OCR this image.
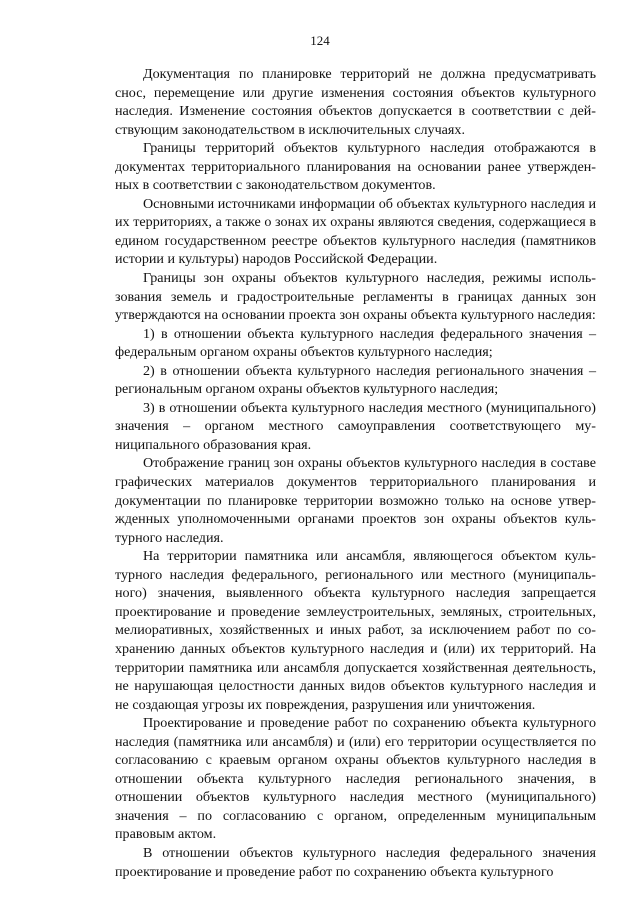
124

Документация по планировке территорий не должна предусматривать снос, перемещение или другие изменения состояния объектов культурного наследия. Изменение состояния объектов допускается в соответствии с действующим законодательством в исключительных случаях.

Границы территорий объектов культурного наследия отображаются в документах территориального планирования на основании ранее утвержденных в соответствии с законодательством документов.

Основными источниками информации об объектах культурного наследия и их территориях, а также о зонах их охраны являются сведения, содержащиеся в едином государственном реестре объектов культурного наследия (памятников истории и культуры) народов Российской Федерации.

Границы зон охраны объектов культурного наследия, режимы использования земель и градостроительные регламенты в границах данных зон утверждаются на основании проекта зон охраны объекта культурного наследия:

1) в отношении объекта культурного наследия федерального значения – федеральным органом охраны объектов культурного наследия;

2) в отношении объекта культурного наследия регионального значения – региональным органом охраны объектов культурного наследия;

3) в отношении объекта культурного наследия местного (муниципального) значения – органом местного самоуправления соответствующего муниципального образования края.

Отображение границ зон охраны объектов культурного наследия в составе графических материалов документов территориального планирования и документации по планировке территории возможно только на основе утвержденных уполномоченными органами проектов зон охраны объектов культурного наследия.

На территории памятника или ансамбля, являющегося объектом культурного наследия федерального, регионального или местного (муниципального) значения, выявленного объекта культурного наследия запрещается проектирование и проведение землеустроительных, земляных, строительных, мелиоративных, хозяйственных и иных работ, за исключением работ по сохранению данных объектов культурного наследия и (или) их территорий. На территории памятника или ансамбля допускается хозяйственная деятельность, не нарушающая целостности данных видов объектов культурного наследия и не создающая угрозы их повреждения, разрушения или уничтожения.

Проектирование и проведение работ по сохранению объекта культурного наследия (памятника или ансамбля) и (или) его территории осуществляется по согласованию с краевым органом охраны объектов культурного наследия в отношении объекта культурного наследия регионального значения, в отношении объектов культурного наследия местного (муниципального) значения – по согласованию с органом, определенным муниципальным правовым актом.

В отношении объектов культурного наследия федерального значения проектирование и проведение работ по сохранению объекта культурного
